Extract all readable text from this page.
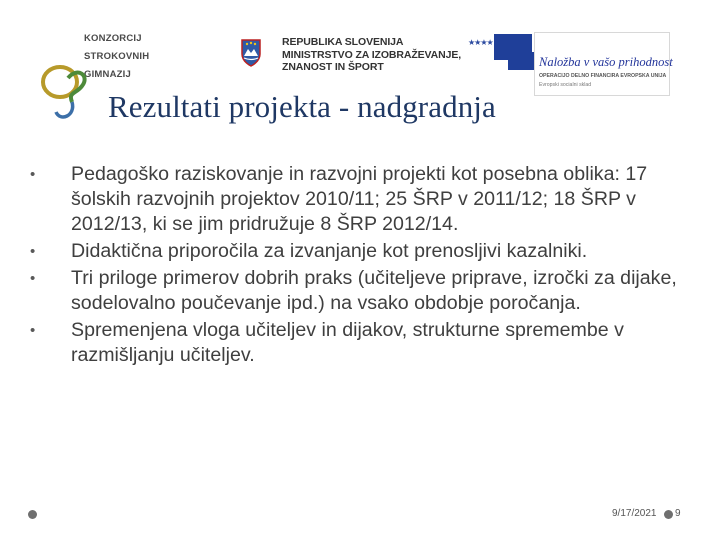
KONZORCIJ
STROKOVNIH
GIMNAZIJ
REPUBLIKA SLOVENIJA
MINISTRSTVO ZA IZOBRAŽEVANJE,
ZNANOST IN ŠPORT
★★★★
Naložba v vašo prihodnost
OPERACIJO DELNO FINANCIRA EVROPSKA UNIJA
Evropski socialni sklad
Rezultati projekta - nadgradnja
•	Pedagoško raziskovanje in razvojni projekti kot posebna oblika: 17 šolskih razvojnih projektov 2010/11; 25 ŠRP v 2011/12; 18 ŠRP v 2012/13, ki se jim pridružuje 8 ŠRP 2012/14.
•	Didaktična priporočila za izvanjanje kot prenosljivi kazalniki.
•	Tri priloge primerov dobrih praks (učiteljeve priprave, izročki za dijake, sodelovalno poučevanje ipd.) na vsako obdobje poročanja.
•	Spremenjena vloga učiteljev in dijakov, strukturne spremembe v razmišljanju učiteljev.
9/17/2021 9
